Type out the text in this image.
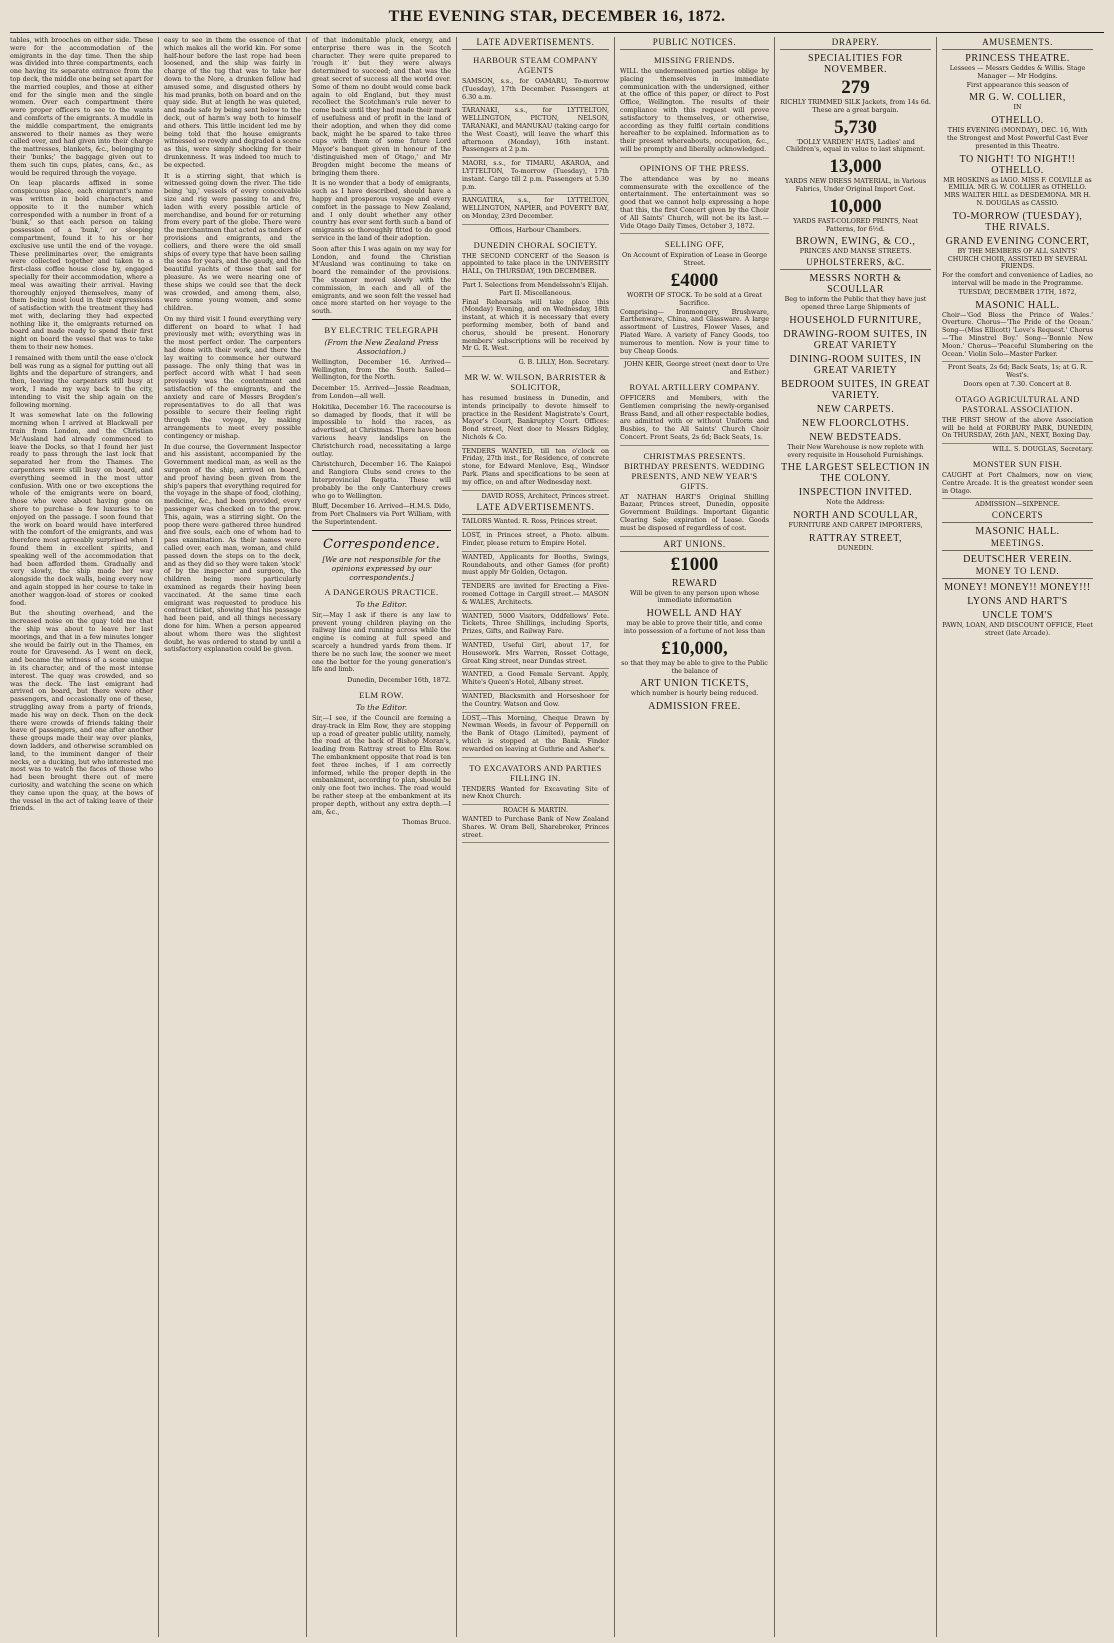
THE EVENING STAR, DECEMBER 16, 1872.

tables, with brooches on either side. These were for the accommodation of the emigrants in the day time. Then the ship was divided into three compartments, each one having its separate entrance from the top deck, the middle one being set apart for the married couples, and those at either end for the single men and the single women. Over each compartment there were proper officers to see to the wants and comforts of the emigrants. A muddle in the middle compartment, the emigrants answered to their names as they were called over, and had given into their charge the mattresses, blankets, &c., belonging to their 'bunks;' the baggage given out to them such tin cups, plates, cans, &c., as would be required through the voyage.

On leap placards affixed in some conspicuous place, each emigrant's name was written in bold characters, and opposite to it the number which corresponded with a number in front of a 'bunk,' so that each person on taking possession of a 'bunk,' or sleeping compartment, found it to his or her exclusive use until the end of the voyage. These preliminaries over, the emigrants were collected together and taken to a first-class coffee house close by, engaged specially for their accommodation, where a meal was awaiting their arrival. Having thoroughly enjoyed themselves, many of them being most loud in their expressions of satisfaction with the treatment they had met with, declaring they had expected nothing like it, the emigrants returned on board and made ready to spend their first night on board the vessel that was to take them to their new homes.

I remained with them until the ease o'clock bell was rung as a signal for putting out all lights and the departure of strangers, and then, leaving the carpenters still busy at work, I made my way back to the city, intending to visit the ship again on the following morning.

It was somewhat late on the following morning when I arrived at Blackwall per train from London, and the Christian Mc'Ausland had already commenced to leave the Docks, so that I found her just ready to pass through the last lock that separated her from the Thames. The carpenters were still busy on board, and everything seemed in the most utter confusion. With one or two exceptions the whole of the emigrants were on board, those who were about having gone on shore to purchase a few luxuries to be enjoyed on the passage. I soon found that the work on board would have interfered with the comfort of the emigrants, and was therefore most agreeably surprised when I found them in excellent spirits, and speaking well of the accommodation that had been afforded them. Gradually and very slowly, the ship made her way alongside the dock walls, being every now and again stopped in her course to take in another waggon-load of stores or cooked food.

But the shouting overhead, and the increased noise on the quay told me that the ship was about to leave her last moorings, and that in a few minutes longer she would be fairly out in the Thames, en route for Gravesend. As I went on deck, and became the witness of a scene unique in its character, and of the most intense interest. The quay was crowded, and so was the deck. The last emigrant had arrived on board, but there were other passengers, and occasionally one of these, struggling away from a party of friends, made his way on deck. Then on the deck there were crowds of friends taking their leave of passengers, and one after another these groups made their way over planks, down ladders, and otherwise scrambled on land, to the imminent danger of their necks, or a ducking, but who interested me most was to watch the faces of those who had been brought there out of mere curiosity, and watching the scene on which they came upon the quay, at the bows of the vessel in the act of taking leave of their friends.

easy to see in them the essence of that which makes all the world kin. For some half-hour before the last rope had been loosened, and the ship was fairly in charge of the tug that was to take her down to the Nore, a drunken fellow had amused some, and disgusted others by his mad pranks, both on board and on the quay side. But at length he was quieted, and made safe by being sent below to the deck, out of harm's way both to himself and others. This little incident led me by being told that the house emigrants witnessed so rowdy and degraded a scene as this, were simply shocking for their drunkenness. It was indeed too much to be expected.

It is a stirring sight, that which is witnessed going down the river. The tide being 'up,' vessels of every conceivable size and rig were passing to and fro, laden with every possible article of merchandise, and bound for or returning from every part of the globe. There were the merchantmen that acted as tenders of provisions and emigrants, and the colliers, and there were the old small ships of every type that have been sailing the seas for years, and the gaudy, and the beautiful yachts of those that sail for pleasure. As we were nearing one of these ships we could see that the deck was crowded, and among them, also, were some young women, and some children.

On my third visit I found everything very different on board to what I had previously met with; everything was in the most perfect order. The carpenters had done with their work, and there the lay waiting to commence her outward passage. The only thing that was in perfect accord with what I had seen previously was the contentment and satisfaction of the emigrants, and the anxiety and care of Messrs Brogden's representatives to do all that was possible to secure their feeling right through the voyage, by making arrangements to meet every possible contingency or mishap.

In due course, the Government Inspector and his assistant, accompanied by the Government medical man, as well as the surgeon of the ship, arrived on board, and proof having been given from the ship's papers that everything required for the voyage in the shape of food, clothing, medicine, &c., had been provided, every passenger was checked on to the prow. This, again, was a stirring sight. On the poop there were gathered three hundred and five souls, each one of whom had to pass examination. As their names were called over, each man, woman, and child passed down the steps on to the deck, and as they did so they were taken 'stock' of by the inspector and surgeon, the children being more particularly examined as regards their having been vaccinated. At the same time each emigrant was requested to produce his contract ticket, showing that his passage had been paid, and all things necessary done for him. When a person appeared about whom there was the slightest doubt, he was ordered to stand by until a satisfactory explanation could be given.

of that indomitable pluck, energy, and enterprise there was in the Scotch character. They were quite prepared to 'rough it' but they were always determined to succeed; and that was the great secret of success all the world over. Some of them no doubt would come back again to old England, but they must recollect the Scotchman's rule never to come back until they had made their mark of usefulness and of profit in the land of their adoption, and when they did come back, might he be spared to take three cups with them of some future Lord Mayor's banquet given in honour of the 'distinguished men of Otago,' and Mr Brogden might become the means of bringing them there.

It is no wonder that a body of emigrants, such as I have described, should have a happy and prosperous voyage and every comfort in the passage to New Zealand, and I only doubt whether any other country has ever sent forth such a band of emigrants so thoroughly fitted to do good service in the land of their adoption.

Soon after this I was again on my way for London, and found the Christian M'Ausland was continuing to take on board the remainder of the provisions. The steamer moved slowly with the commission, in each and all of the emigrants, and we soon felt the vessel had once more started on her voyage to the south.

BY ELECTRIC TELEGRAPH
(From the New Zealand Press Association.)

Wellington, December 16. Arrived—Wellington, from the South. Sailed—Wellington, for the North.

December 15. Arrived—Jessie Readman, from London—all well.

Hokitika, December 16. The racecourse is so damaged by floods, that it will be impossible to hold the races, as advertised, at Christmas. There have been various heavy landslips on the Christchurch road, necessitating a large outlay.

Christchurch, December 16. The Kaiapoi and Rangiora Clubs send crews to the Interprovincial Regatta. These will probably be the only Canterbury crews who go to Wellington.

Bluff, December 16. Arrived—H.M.S. Dido, from Port Chalmers via Port William, with the Superintendent.

Correspondence.
[We are not responsible for the opinions expressed by our correspondents.]
A DANGEROUS PRACTICE.
To the Editor.

Sir,—May I ask if there is any law to prevent young children playing on the railway line and running across while the engine is coming at full speed and scarcely a hundred yards from them. If there be no such law, the sooner we meet one the better for the young generation's life and limb.

Dunedin, December 16th, 1872.
ELM ROW.
To the Editor.

Sir,—I see, if the Council are forming a dray-track in Elm Row, they are stopping up a road of greater public utility, namely, the road at the back of Bishop Moran's, leading from Rattray street to Elm Row. The embankment opposite that road is ten feet three inches, if I am correctly informed, while the proper depth in the embankment, according to plan, should be only one foot two inches. The road would be rather steep at the embankment at its proper depth, without any extra depth.—I am, &c.,

Thomas Bruce.
LATE ADVERTISEMENTS.
HARBOUR STEAM COMPANY AGENTS
SAMSON, s.s., for OAMARU, To-morrow (Tuesday), 17th December. Passengers at 6.30 a.m.
TARANAKI, s.s., for LYTTELTON, WELLINGTON, PICTON, NELSON, TARANAKI, and MANUKAU (taking cargo for the West Coast), will leave the wharf this afternoon (Monday), 16th instant. Passengers at 2 p.m.
MAORI, s.s., for TIMARU, AKAROA, and LYTTELTON, To-morrow (Tuesday), 17th instant. Cargo till 2 p.m. Passengers at 5.30 p.m.
RANGATIRA, s.s., for LYTTELTON, WELLINGTON, NAPIER, and POVERTY BAY, on Monday, 23rd December.
Offices, Harbour Chambers.
DUNEDIN CHORAL SOCIETY.
THE SECOND CONCERT of the Season is appointed to take place in the UNIVERSITY HALL, On THURSDAY, 19th DECEMBER.
Part I. Selections from Mendelssohn's Elijah. Part II. Miscellaneous.
Final Rehearsals will take place this (Monday) Evening, and on Wednesday, 18th instant, at which it is necessary that every performing member, both of band and chorus, should be present. Honorary members' subscriptions will be received by Mr G. R. West.
G. B. LILLY, Hon. Secretary.
MR W. W. WILSON, BARRISTER & SOLICITOR,
has resumed business in Dunedin, and intends principally to devote himself to practice in the Resident Magistrate's Court, Mayor's Court, Bankruptcy Court. Offices: Bond street, Next door to Messrs Ridgley, Nichols & Co.
TENDERS WANTED, till ten o'clock on Friday, 27th inst., for Residence, of concrete stone, for Edward Menlove, Esq., Windsor Park. Plans and specifications to be seen at my office, on and after Wednesday next.
DAVID ROSS, Architect, Princes street.
LATE ADVERTISEMENTS.
TAILORS Wanted. R. Ross, Princes street.
LOST, in Princes street, a Photo. album. Finder, please return to Empire Hotel.
WANTED, Applicants for Booths, Swings, Roundabouts, and other Games (for profit) must apply Mr Golden, Octagon.
TENDERS are invited for Erecting a Five-roomed Cottage in Cargill street.— MASON & WALES, Architects.
WANTED, 5000 Visitors, Oddfellows' Fete. Tickets, Three Shillings, including Sports, Prizes, Gifts, and Railway Fare.
WANTED, Useful Girl, about 17, for Housework. Mrs Warren, Rosset Cottage, Great King street, near Dundas street.
WANTED, a Good Female Servant. Apply, White's Queen's Hotel, Albany street.
WANTED, Blacksmith and Horseshoer for the Country. Watson and Gow.
LOST,—This Morning, Cheque Drawn by Newman Weeds, in favour of Peppernill on the Bank of Otago (Limited), payment of which is stopped at the Bank. Finder rewarded on leaving at Guthrie and Asher's.
TO EXCAVATORS AND PARTIES FILLING IN.
TENDERS Wanted for Excavating Site of new Knox Church.
ROACH & MARTIN.
WANTED to Purchase Bank of New Zealand Shares. W. Oram Bell, Sharebroker, Princes street.
PUBLIC NOTICES.
MISSING FRIENDS.
WILL the undermentioned parties oblige by placing themselves in immediate communication with the undersigned, either at the office of this paper, or direct to Post Office, Wellington. The results of their compliance with this request will prove satisfactory to themselves, or otherwise, according as they fulfil certain conditions hereafter to be explained. Information as to their present whereabouts, occupation, &c., will be promptly and liberally acknowledged.
OPINIONS OF THE PRESS.
The attendance was by no means commensurate with the excellence of the entertainment. The entertainment was so good that we cannot help expressing a hope that this, the first Concert given by the Choir of All Saints' Church, will not be its last.— Vide Otago Daily Times, October 3, 1872.
SELLING OFF,
On Account of Expiration of Lease in George Street.
£4000
WORTH OF STOCK. To be sold at a Great Sacrifice.
Comprising— Ironmongery, Brushware, Earthenware, China, and Glassware. A large assortment of Lustres, Flower Vases, and Plated Ware. A variety of Fancy Goods, too numerous to mention. Now is your time to buy Cheap Goods.
JOHN KEIR, George street (next door to Ure and Esther.)
ROYAL ARTILLERY COMPANY.
OFFICERS and Members, with the Gentlemen comprising the newly-organised Brass Band, and all other respectable bodies, are admitted with or without Uniform and Busbies, to the All Saints' Church Choir Concert. Front Seats, 2s 6d; Back Seats, 1s.
CHRISTMAS PRESENTS. BIRTHDAY PRESENTS. WEDDING PRESENTS, AND NEW YEAR'S GIFTS.
AT NATHAN HART'S Original Shilling Bazaar, Princes street, Dunedin, opposite Government Buildings. Important Gigantic Clearing Sale; expiration of Lease. Goods must be disposed of regardless of cost.
ART UNIONS.
£1000
REWARD
Will be given to any person upon whose immediate information
HOWELL AND HAY
may be able to prove their title, and come into possession of a fortune of not less than
£10,000,
so that they may be able to give to the Public the balance of
ART UNION TICKETS,
which number is hourly being reduced.
ADMISSION FREE.
DRAPERY.
SPECIALITIES FOR NOVEMBER.
279
RICHLY TRIMMED SILK Jackets, from 14s 6d. These are a great bargain.
5,730
'DOLLY VARDEN' HATS, Ladies' and Children's, equal in value to last shipment.
13,000
YARDS NEW DRESS MATERIAL, in Various Fabrics, Under Original Import Cost.
10,000
YARDS FAST-COLORED PRINTS, Neat Patterns, for 6½d.
BROWN, EWING, & CO.,
PRINCES AND MANSE STREETS.
UPHOLSTERERS, &C.
MESSRS NORTH & SCOULLAR
Beg to inform the Public that they have just opened three Large Shipments of
HOUSEHOLD FURNITURE,
DRAWING-ROOM SUITES, IN GREAT VARIETY
DINING-ROOM SUITES, IN GREAT VARIETY
BEDROOM SUITES, IN GREAT VARIETY.
NEW CARPETS.
NEW FLOORCLOTHS.
NEW BEDSTEADS.
Their New Warehouse is now replete with every requisite in Household Furnishings.
THE LARGEST SELECTION IN THE COLONY.
INSPECTION INVITED.
Note the Address:
NORTH AND SCOULLAR,
FURNITURE AND CARPET IMPORTERS,
RATTRAY STREET,
DUNEDIN.
AMUSEMENTS.
PRINCESS THEATRE.
Lessees — Messrs Geddes & Willis. Stage Manager — Mr Hodgins.
First appearance this season of
MR G. W. COLLIER,
IN
OTHELLO.
THIS EVENING (MONDAY), DEC. 16, With the Strongest and Most Powerful Cast Ever presented in this Theatre.
TO NIGHT! TO NIGHT!! OTHELLO.
MR HOSKINS as IAGO. MISS F. COLVILLE as EMILIA. MR G. W. COLLIER as OTHELLO. MRS WALTER HILL as DESDEMONA. MR H. N. DOUGLAS as CASSIO.
TO-MORROW (TUESDAY), THE RIVALS.
GRAND EVENING CONCERT,
BY THE MEMBERS OF ALL SAINTS' CHURCH CHOIR, ASSISTED BY SEVERAL FRIENDS.
For the comfort and convenience of Ladies, no interval will be made in the Programme.
TUESDAY, DECEMBER 17TH, 1872,
MASONIC HALL.
Choir—'God Bless the Prince of Wales.' Overture. Chorus—'The Pride of the Ocean.' Song—(Miss Ellicott) 'Love's Request.' Chorus—'The Minstrel Boy.' Song—'Bonnie New Moon.' Chorus—'Peaceful Slumbering on the Ocean.' Violin Solo—Master Parker.
Front Seats, 2s 6d; Back Seats, 1s; at G. R. West's.
Doors open at 7.30. Concert at 8.
OTAGO AGRICULTURAL AND PASTORAL ASSOCIATION.
THE FIRST SHOW of the above Association will be held at FORBURY PARK, DUNEDIN, On THURSDAY, 26th JAN., NEXT, Boxing Day.
WILL. S. DOUGLAS, Secretary.
MONSTER SUN FISH.
CAUGHT at Port Chalmers, now on view, Centre Arcade. It is the greatest wonder seen in Otago.
ADMISSION—SIXPENCE.
CONCERTS
MASONIC HALL.
MEETINGS.
DEUTSCHER VEREIN.
MONEY TO LEND.
MONEY! MONEY!! MONEY!!!
LYONS AND HART'S
UNCLE TOM'S
PAWN, LOAN, AND DISCOUNT OFFICE, Fleet street (late Arcade).
